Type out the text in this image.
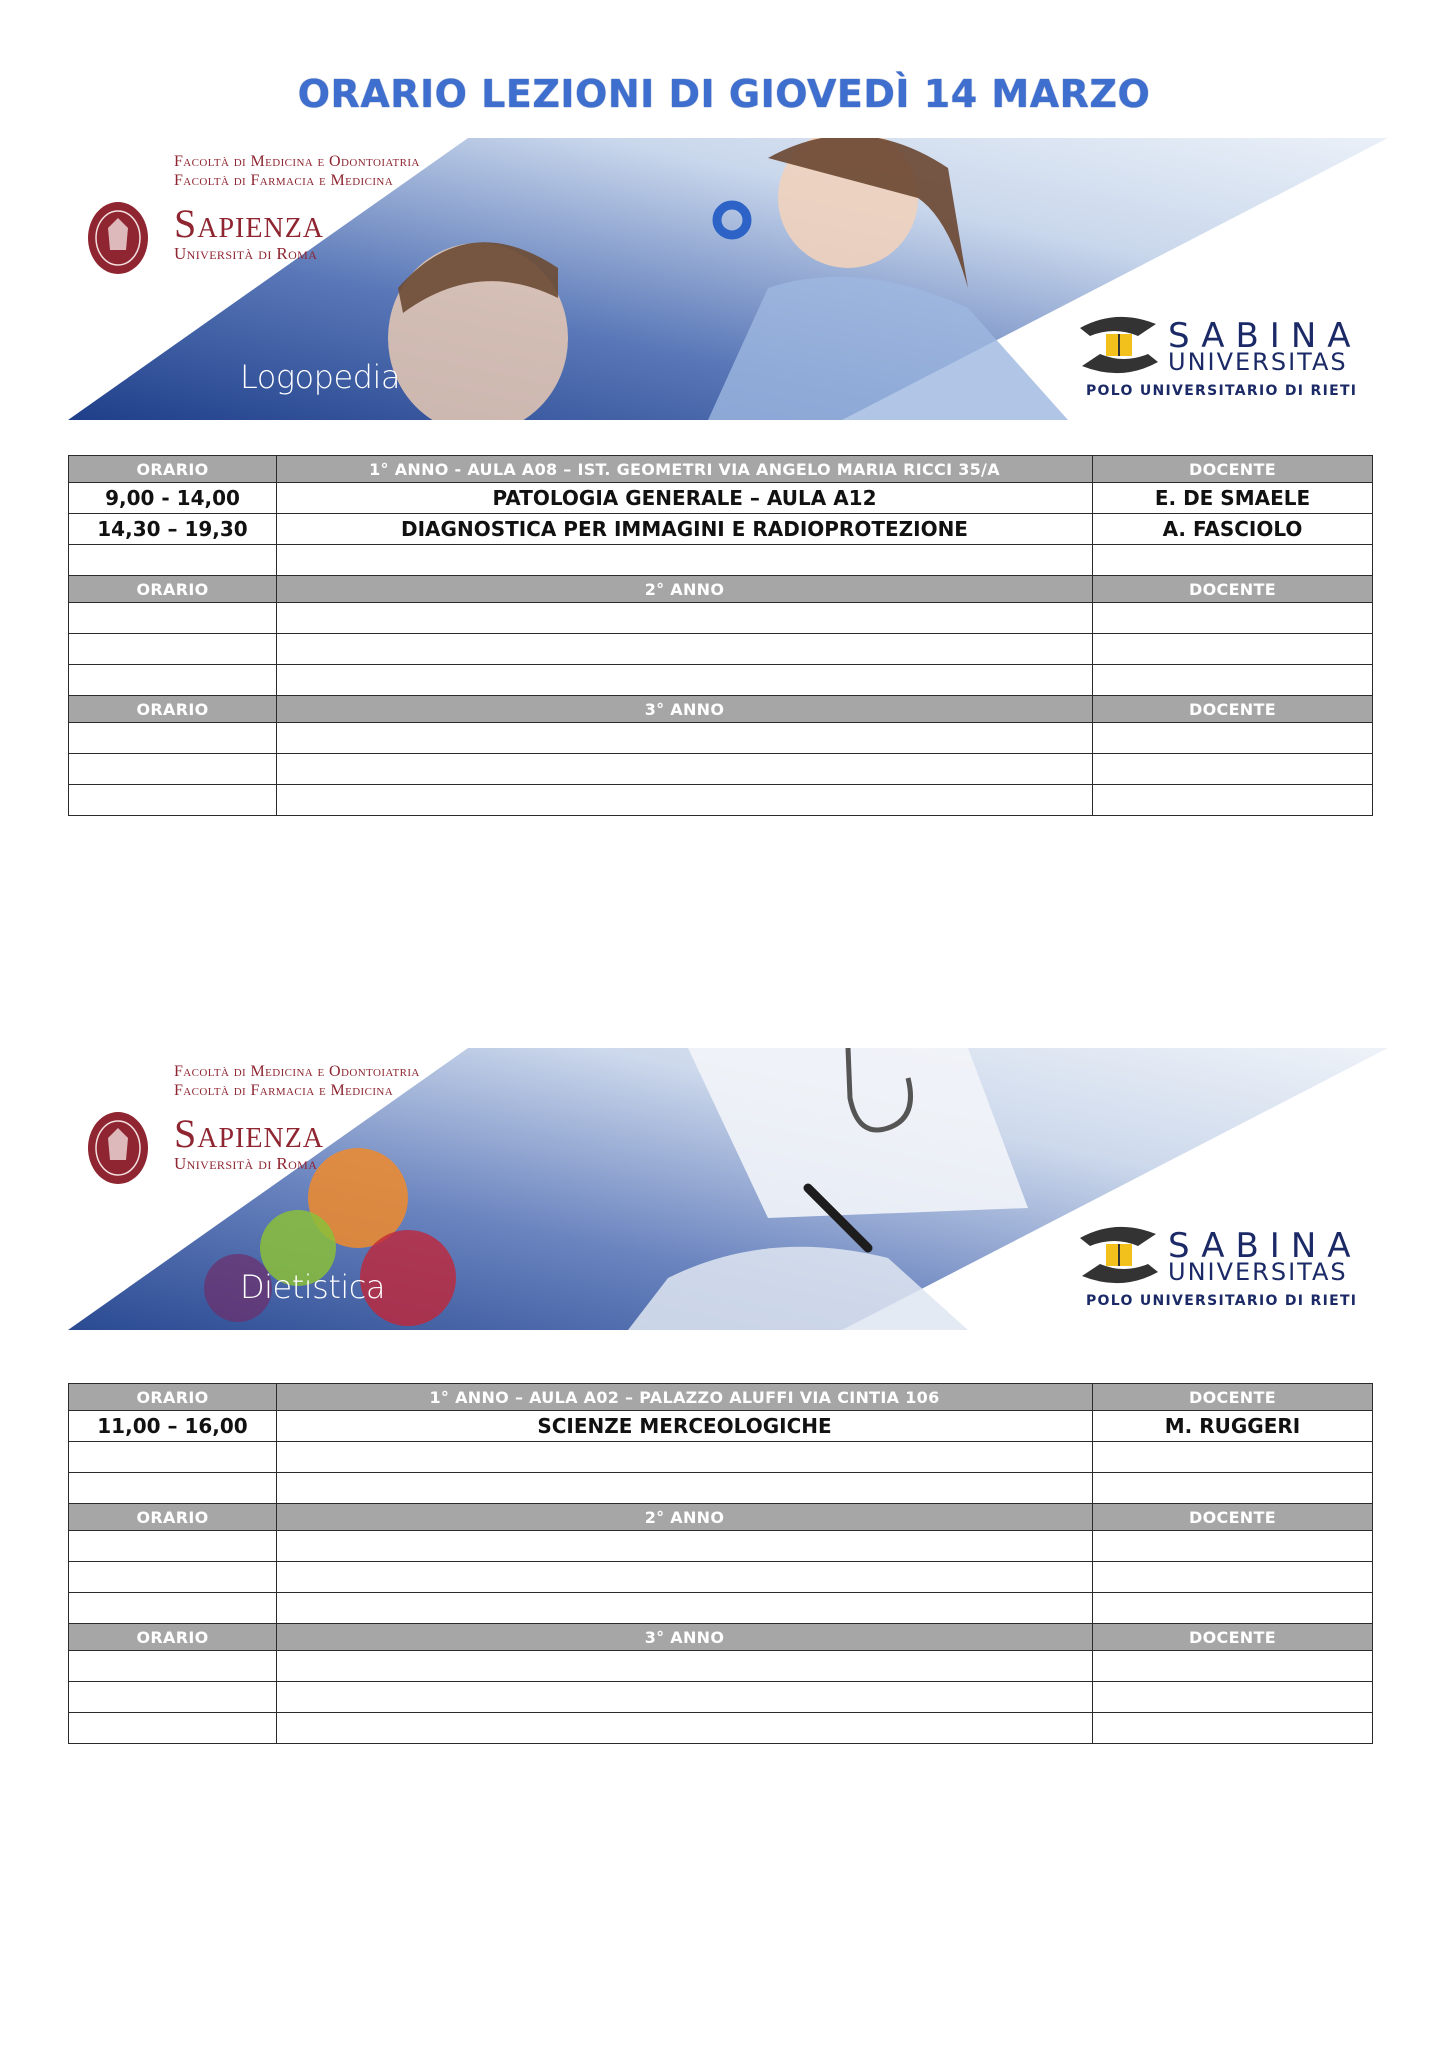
ORARIO LEZIONI DI GIOVEDÌ 14 MARZO
Facoltà di Medicina e Odontoiatria
Facoltà di Farmacia e Medicina
Sapienza
Università di Roma
Logopedia
SABINA
UNIVERSITAS
POLO UNIVERSITARIO DI RIETI
ORARIO	1° ANNO - AULA A08 – IST. GEOMETRI VIA ANGELO MARIA RICCI 35/A	DOCENTE
9,00 - 14,00	PATOLOGIA GENERALE – AULA A12	E. DE SMAELE
14,30 – 19,30	DIAGNOSTICA PER IMMAGINI E RADIOPROTEZIONE	A. FASCIOLO

ORARIO	2° ANNO	DOCENTE

ORARIO	3° ANNO	DOCENTE

Facoltà di Medicina e Odontoiatria
Facoltà di Farmacia e Medicina
Sapienza
Università di Roma
Dietistica
SABINA
UNIVERSITAS
POLO UNIVERSITARIO DI RIETI
ORARIO	1° ANNO – AULA A02 – PALAZZO ALUFFI VIA CINTIA 106	DOCENTE
11,00 – 16,00	SCIENZE MERCEOLOGICHE	M. RUGGERI

ORARIO	2° ANNO	DOCENTE

ORARIO	3° ANNO	DOCENTE
